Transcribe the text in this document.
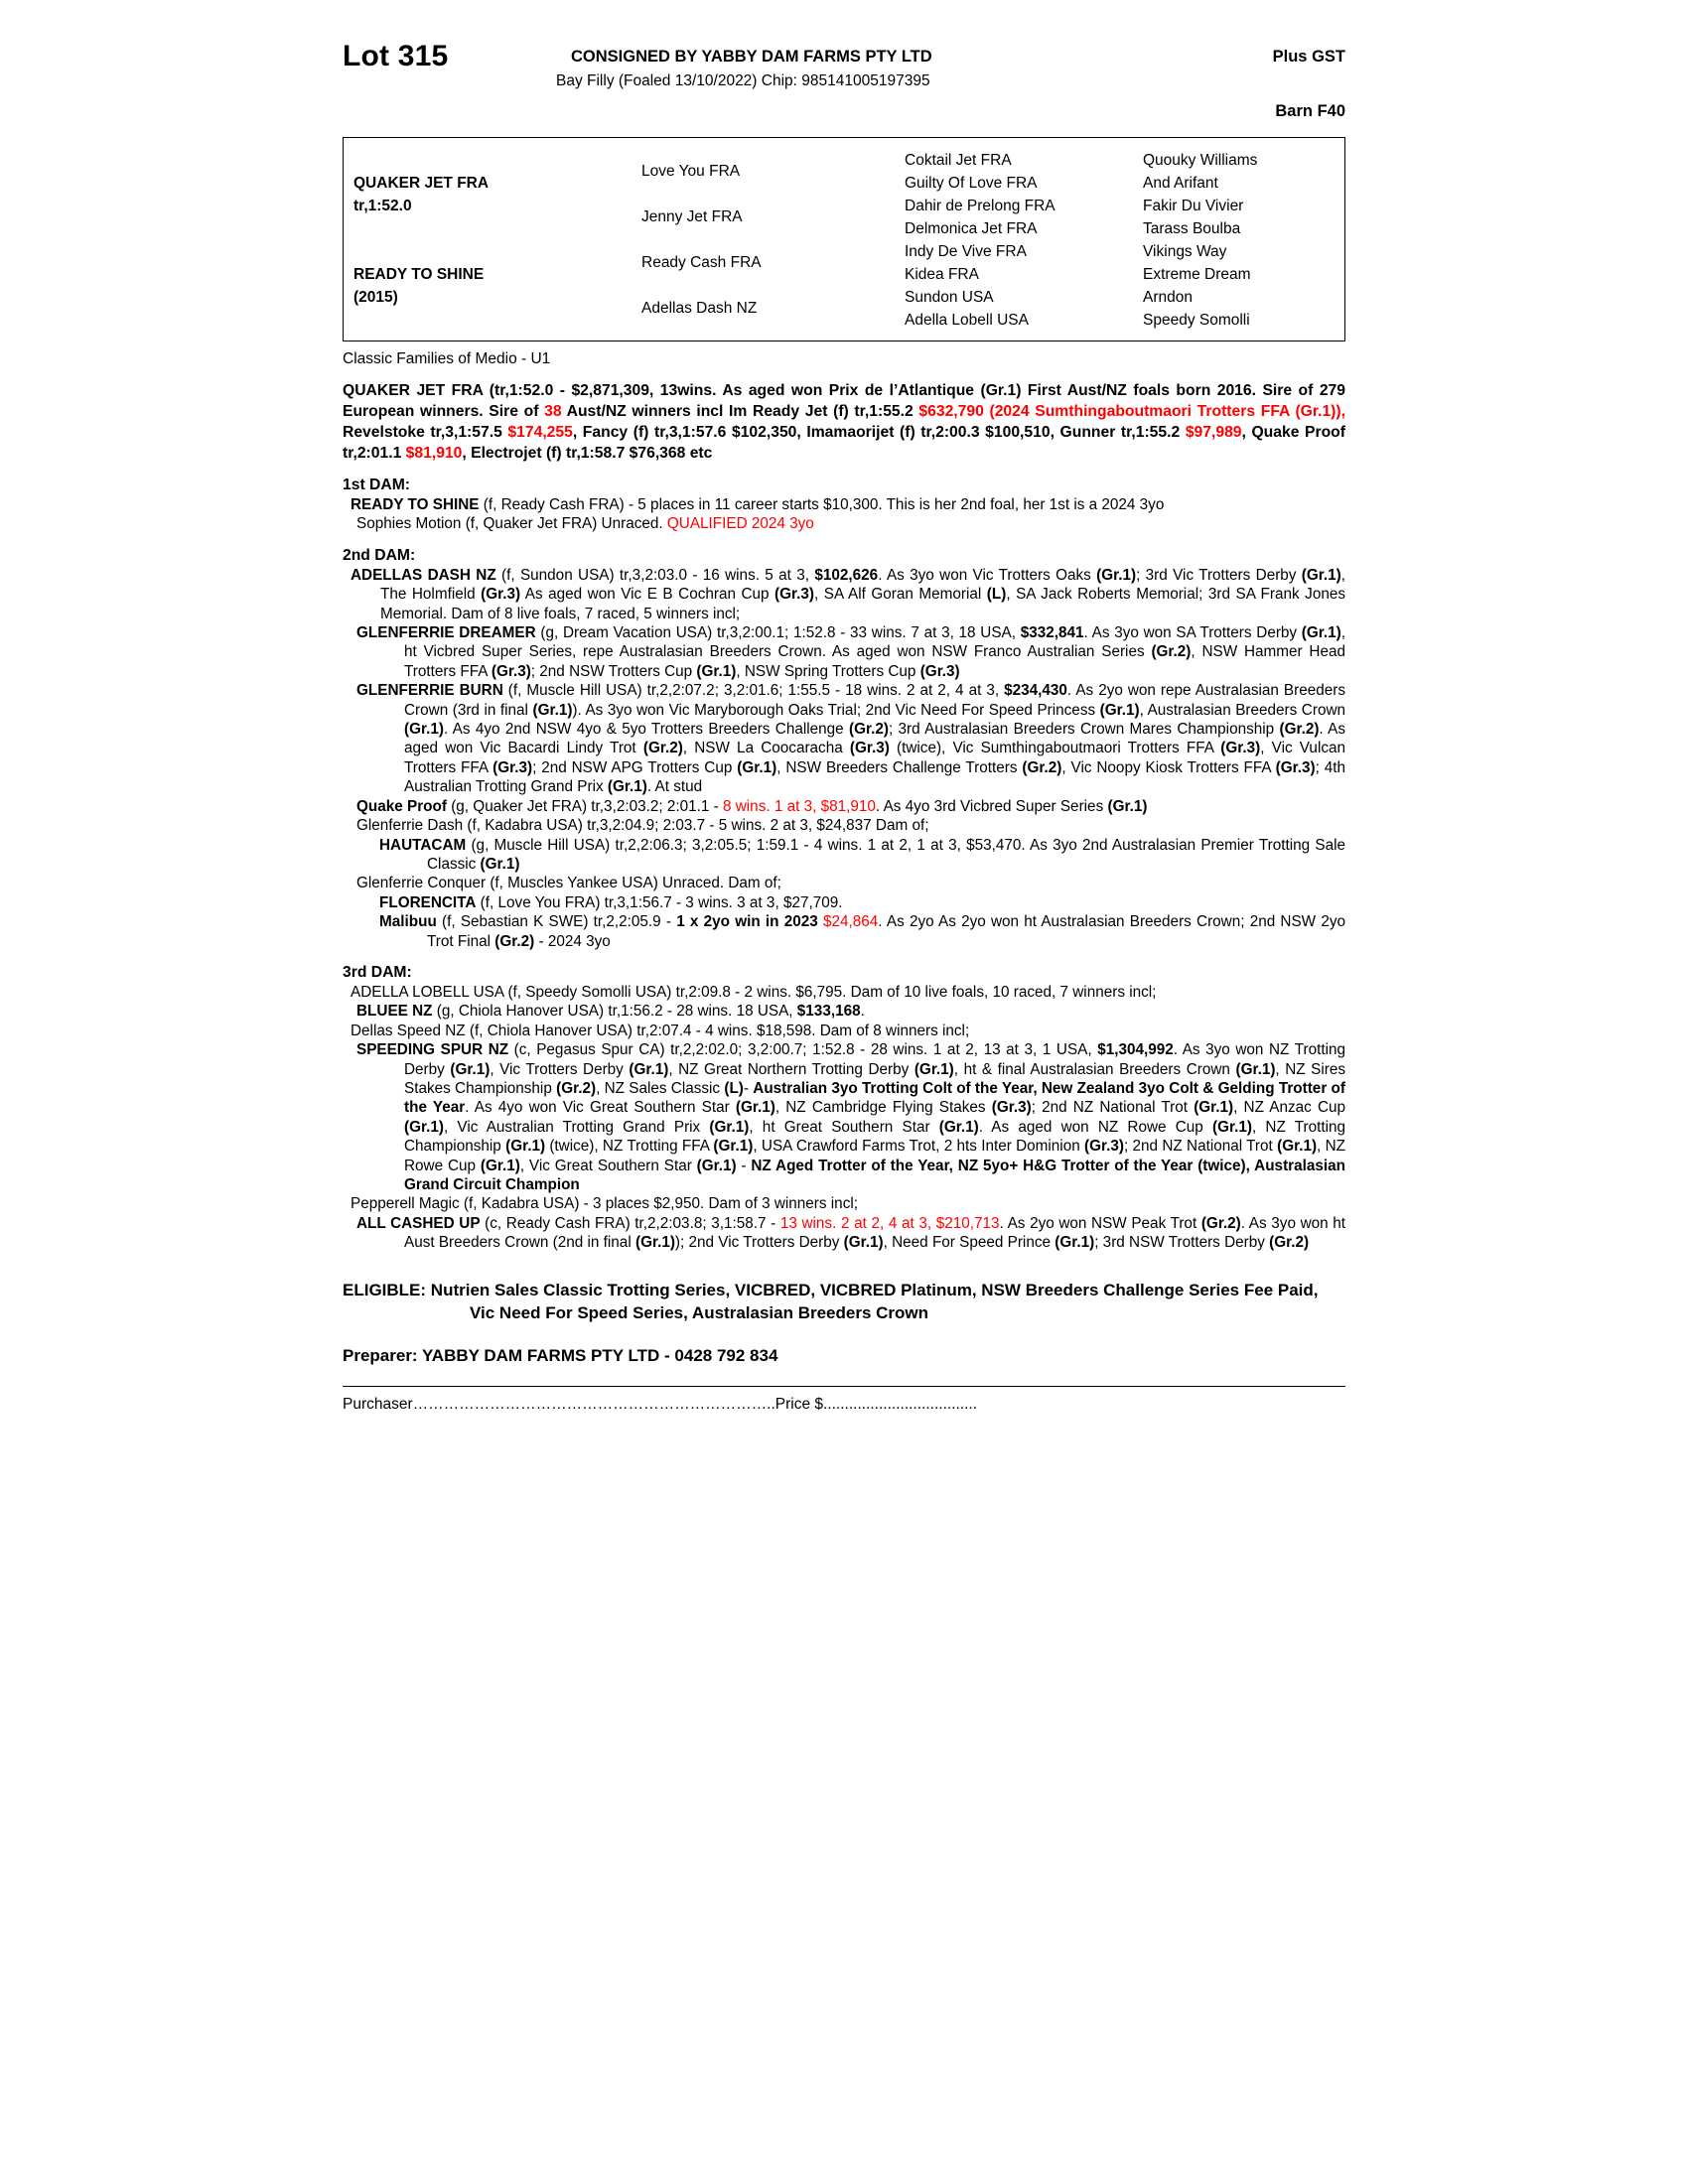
Lot 315	CONSIGNED BY YABBY DAM FARMS PTY LTD
Bay Filly (Foaled 13/10/2022) Chip: 985141005197395
Plus GST
Barn F40
QUAKER JET FRA
tr,1:52.0
READY TO SHINE
(2015)
Love You FRA
Jenny Jet FRA
Ready Cash FRA
Adellas Dash NZ
Coktail Jet FRA
Guilty Of Love FRA
Dahir de Prelong FRA
Delmonica Jet FRA
Indy De Vive FRA
Kidea FRA
Sundon USA
Adella Lobell USA
Quouky Williams
And Arifant
Fakir Du Vivier
Tarass Boulba
Vikings Way
Extreme Dream
Arndon
Speedy Somolli
Classic Families of Medio - U1
QUAKER JET FRA (tr,1:52.0 - $2,871,309, 13wins. As aged won Prix de l’Atlantique (Gr.1) First Aust/NZ foals born 2016. Sire of 279 European winners. Sire of 38 Aust/NZ winners incl Im Ready Jet (f) tr,1:55.2 $632,790 (2024 Sumthingaboutmaori Trotters FFA (Gr.1)), Revelstoke tr,3,1:57.5 $174,255, Fancy (f) tr,3,1:57.6 $102,350, Imamaorijet (f) tr,2:00.3 $100,510, Gunner tr,1:55.2 $97,989, Quake Proof tr,2:01.1 $81,910, Electrojet (f) tr,1:58.7 $76,368 etc
1st DAM:

READY TO SHINE (f, Ready Cash FRA) - 5 places in 11 career starts $10,300. This is her 2nd foal, her 1st is a 2024 3yo

Sophies Motion (f, Quaker Jet FRA) Unraced. QUALIFIED 2024 3yo

2nd DAM:

ADELLAS DASH NZ (f, Sundon USA) tr,3,2:03.0 - 16 wins. 5 at 3, $102,626. As 3yo won Vic Trotters Oaks (Gr.1); 3rd Vic Trotters Derby (Gr.1), The Holmfield (Gr.3) As aged won Vic E B Cochran Cup (Gr.3), SA Alf Goran Memorial (L), SA Jack Roberts Memorial; 3rd SA Frank Jones Memorial. Dam of 8 live foals, 7 raced, 5 winners incl;

GLENFERRIE DREAMER (g, Dream Vacation USA) tr,3,2:00.1; 1:52.8 - 33 wins. 7 at 3, 18 USA, $332,841. As 3yo won SA Trotters Derby (Gr.1), ht Vicbred Super Series, repe Australasian Breeders Crown. As aged won NSW Franco Australian Series (Gr.2), NSW Hammer Head Trotters FFA (Gr.3); 2nd NSW Trotters Cup (Gr.1), NSW Spring Trotters Cup (Gr.3)

GLENFERRIE BURN (f, Muscle Hill USA) tr,2,2:07.2; 3,2:01.6; 1:55.5 - 18 wins. 2 at 2, 4 at 3, $234,430. As 2yo won repe Australasian Breeders Crown (3rd in final (Gr.1)). As 3yo won Vic Maryborough Oaks Trial; 2nd Vic Need For Speed Princess (Gr.1), Australasian Breeders Crown (Gr.1). As 4yo 2nd NSW 4yo & 5yo Trotters Breeders Challenge (Gr.2); 3rd Australasian Breeders Crown Mares Championship (Gr.2). As aged won Vic Bacardi Lindy Trot (Gr.2), NSW La Coocaracha (Gr.3) (twice), Vic Sumthingaboutmaori Trotters FFA (Gr.3), Vic Vulcan Trotters FFA (Gr.3); 2nd NSW APG Trotters Cup (Gr.1), NSW Breeders Challenge Trotters (Gr.2), Vic Noopy Kiosk Trotters FFA (Gr.3); 4th Australian Trotting Grand Prix (Gr.1). At stud

Quake Proof (g, Quaker Jet FRA) tr,3,2:03.2; 2:01.1 - 8 wins. 1 at 3, $81,910. As 4yo 3rd Vicbred Super Series (Gr.1)

Glenferrie Dash (f, Kadabra USA) tr,3,2:04.9; 2:03.7 - 5 wins. 2 at 3, $24,837 Dam of;

HAUTACAM (g, Muscle Hill USA) tr,2,2:06.3; 3,2:05.5; 1:59.1 - 4 wins. 1 at 2, 1 at 3, $53,470. As 3yo 2nd Australasian Premier Trotting Sale Classic (Gr.1)

Glenferrie Conquer (f, Muscles Yankee USA) Unraced. Dam of;

FLORENCITA (f, Love You FRA) tr,3,1:56.7 - 3 wins. 3 at 3, $27,709.

Malibuu (f, Sebastian K SWE) tr,2,2:05.9 - 1 x 2yo win in 2023 $24,864. As 2yo As 2yo won ht Australasian Breeders Crown; 2nd NSW 2yo Trot Final (Gr.2) - 2024 3yo

3rd DAM:

ADELLA LOBELL USA (f, Speedy Somolli USA) tr,2:09.8 - 2 wins. $6,795. Dam of 10 live foals, 10 raced, 7 winners incl;

BLUEE NZ (g, Chiola Hanover USA) tr,1:56.2 - 28 wins. 18 USA, $133,168.

Dellas Speed NZ (f, Chiola Hanover USA) tr,2:07.4 - 4 wins. $18,598. Dam of 8 winners incl;

SPEEDING SPUR NZ (c, Pegasus Spur CA) tr,2,2:02.0; 3,2:00.7; 1:52.8 - 28 wins. 1 at 2, 13 at 3, 1 USA, $1,304,992. As 3yo won NZ Trotting Derby (Gr.1), Vic Trotters Derby (Gr.1), NZ Great Northern Trotting Derby (Gr.1), ht & final Australasian Breeders Crown (Gr.1), NZ Sires Stakes Championship (Gr.2), NZ Sales Classic (L)- Australian 3yo Trotting Colt of the Year, New Zealand 3yo Colt & Gelding Trotter of the Year. As 4yo won Vic Great Southern Star (Gr.1), NZ Cambridge Flying Stakes (Gr.3); 2nd NZ National Trot (Gr.1), NZ Anzac Cup (Gr.1), Vic Australian Trotting Grand Prix (Gr.1), ht Great Southern Star (Gr.1). As aged won NZ Rowe Cup (Gr.1), NZ Trotting Championship (Gr.1) (twice), NZ Trotting FFA (Gr.1), USA Crawford Farms Trot, 2 hts Inter Dominion (Gr.3); 2nd NZ National Trot (Gr.1), NZ Rowe Cup (Gr.1), Vic Great Southern Star (Gr.1) - NZ Aged Trotter of the Year, NZ 5yo+ H&G Trotter of the Year (twice), Australasian Grand Circuit Champion

Pepperell Magic (f, Kadabra USA) - 3 places $2,950. Dam of 3 winners incl;

ALL CASHED UP (c, Ready Cash FRA) tr,2,2:03.8; 3,1:58.7 - 13 wins. 2 at 2, 4 at 3, $210,713. As 2yo won NSW Peak Trot (Gr.2). As 3yo won ht Aust Breeders Crown (2nd in final (Gr.1)); 2nd Vic Trotters Derby (Gr.1), Need For Speed Prince (Gr.1); 3rd NSW Trotters Derby (Gr.2)

ELIGIBLE: Nutrien Sales Classic Trotting Series, VICBRED, VICBRED Platinum, NSW Breeders Challenge Series Fee Paid, Vic Need For Speed Series, Australasian Breeders Crown
Preparer: YABBY DAM FARMS PTY LTD - 0428 792 834
Purchaser……………………………………………………………..Price $....................................
